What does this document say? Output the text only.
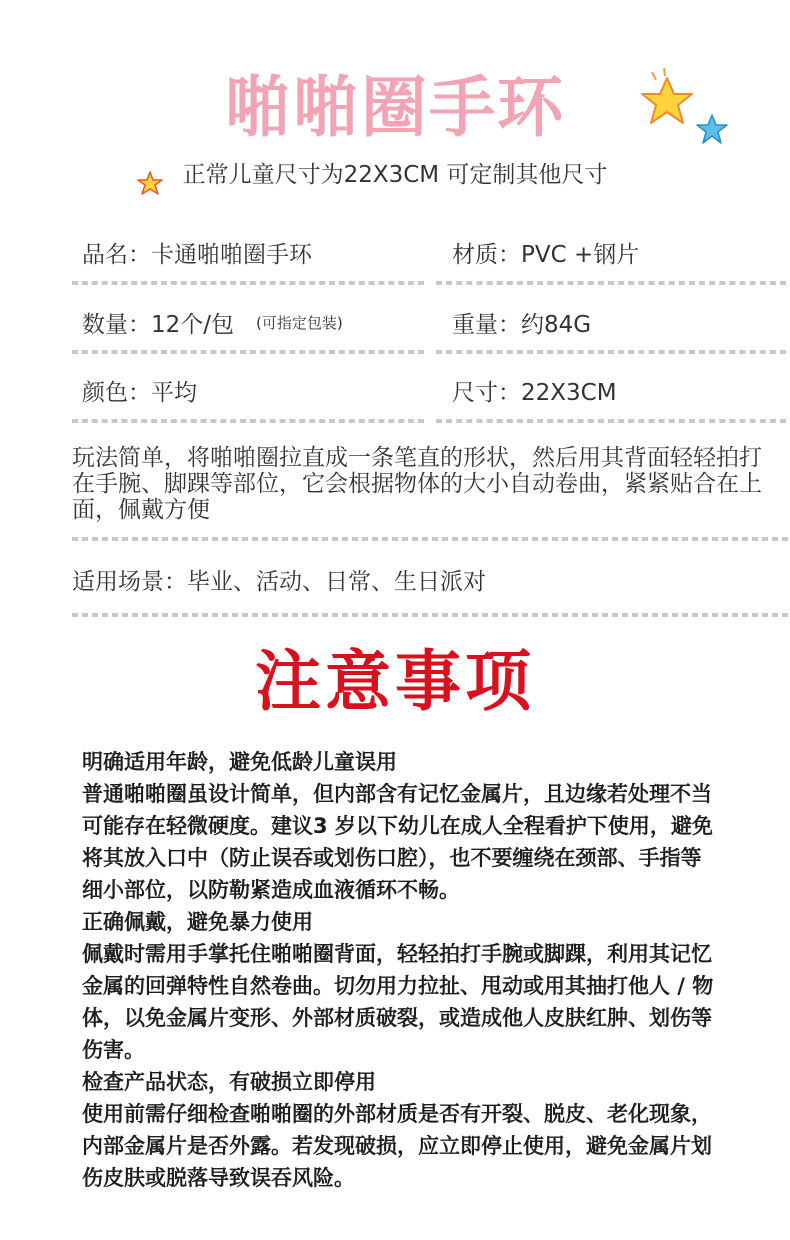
啪啪圈手环
正常儿童尺寸为22X3CM 可定制其他尺寸
品名：卡通啪啪圈手环	材质：PVC +钢片
数量：12个/包 (可指定包装)	重量：约84G
颜色：平均	尺寸：22X3CM
玩法简单，将啪啪圈拉直成一条笔直的形状，然后用其背面轻轻拍打在手腕、脚踝等部位，它会根据物体的大小自动卷曲，紧紧贴合在上面，佩戴方便
适用场景：毕业、活动、日常、生日派对
注意事项

明确适用年龄，避免低龄儿童误用

普通啪啪圈虽设计简单，但内部含有记忆金属片，且边缘若处理不当可能存在轻微硬度。建议3 岁以下幼儿在成人全程看护下使用，避免将其放入口中（防止误吞或划伤口腔），也不要缠绕在颈部、手指等细小部位，以防勒紧造成血液循环不畅。

正确佩戴，避免暴力使用

佩戴时需用手掌托住啪啪圈背面，轻轻拍打手腕或脚踝，利用其记忆金属的回弹特性自然卷曲。切勿用力拉扯、甩动或用其抽打他人 / 物体，以免金属片变形、外部材质破裂，或造成他人皮肤红肿、划伤等伤害。

检查产品状态，有破损立即停用

使用前需仔细检查啪啪圈的外部材质是否有开裂、脱皮、老化现象，内部金属片是否外露。若发现破损，应立即停止使用，避免金属片划伤皮肤或脱落导致误吞风险。
